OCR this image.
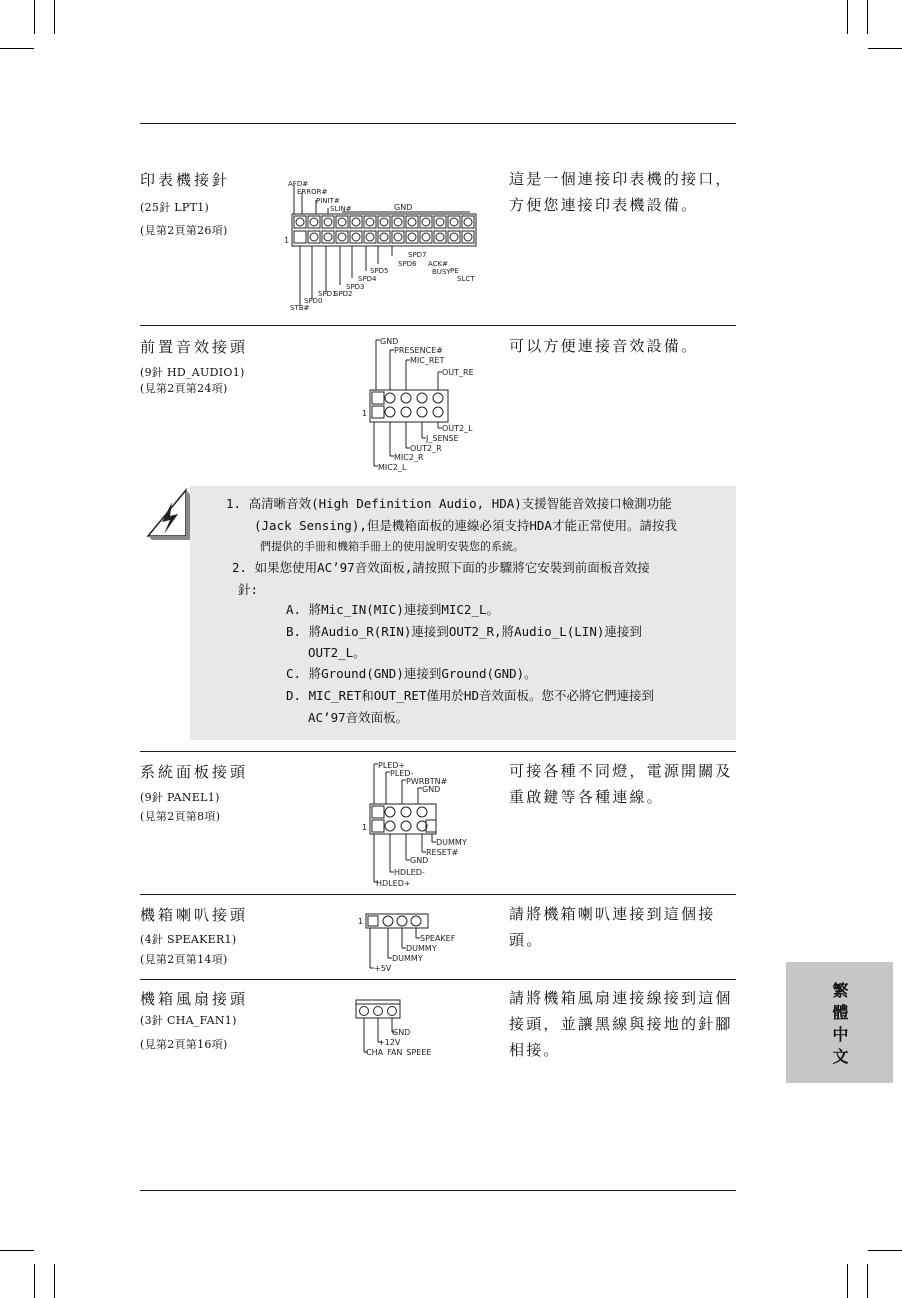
印表機接針
(25針 LPT1)
(見第2頁第26項)
這是一個連接印表機的接口，方便您連接印表機設備。
AFD#
ERROR#
PINIT#
SLIN#	GND
1
SPD7
ACK#
SPD6
BUSY
SPD5	PE
SPD4	SLCT
SPD3
SPD2
SPD1
SPD0
STB#
前置音效接頭
(9針 HD_AUDIO1)
(見第2頁第24項)
可以方便連接音效設備。
GND
PRESENCE#
MIC_RET
OUT_RE
1
OUT2_L
J_SENSE
OUT2_R
MIC2_R
MIC2_L
1. 高清晰音效(High Definition Audio, HDA)支援智能音效接口檢測功能
(Jack Sensing),但是機箱面板的連線必須支持HDA才能正常使用。請按我
們提供的手冊和機箱手冊上的使用說明安裝您的系統。
2. 如果您使用AC’97音效面板,請按照下面的步驟將它安裝到前面板音效接
針:
A. 將Mic_IN(MIC)連接到MIC2_L。
B. 將Audio_R(RIN)連接到OUT2_R,將Audio_L(LIN)連接到
OUT2_L。
C. 將Ground(GND)連接到Ground(GND)。
D. MIC_RET和OUT_RET僅用於HD音效面板。您不必將它們連接到
AC’97音效面板。
系統面板接頭
(9針 PANEL1)
(見第2頁第8項)
可接各種不同燈，電源開關及重啟鍵等各種連線。
PLED+
PLED-
PWRBTN#
GND
1
DUMMY
RESET#
GND
HDLED-
HDLED+
機箱喇叭接頭
(4針 SPEAKER1)
(見第2頁第14項)
請將機箱喇叭連接到這個接頭。
1
SPEAKEF
DUMMY
DUMMY
+5V
機箱風扇接頭
(3針 CHA_FAN1)
(見第2頁第16項)
請將機箱風扇連接線接到這個接頭，並讓黑線與接地的針腳相接。
GND
+12V
CHA_FAN_SPEEE	繁體中文
